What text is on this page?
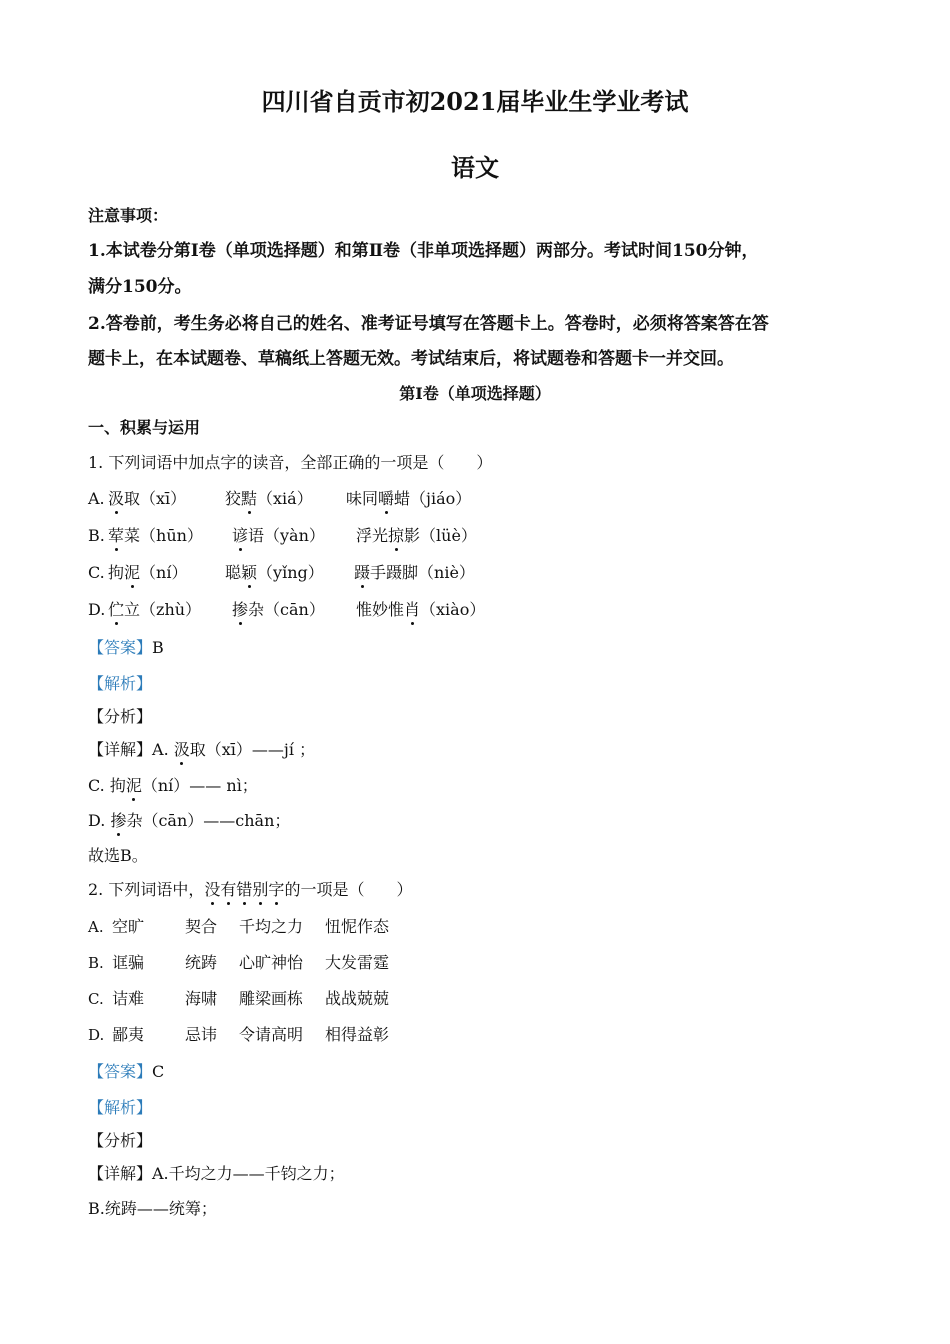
四川省自贡市初2021届毕业生学业考试
语文
注意事项：
1.本试卷分第Ⅰ卷（单项选择题）和第Ⅱ卷（非单项选择题）两部分。考试时间150分钟，
满分150分。
2.答卷前，考生务必将自己的姓名、准考证号填写在答题卡上。答卷时，必须将答案答在答
题卡上，在本试题卷、草稿纸上答题无效。考试结束后，将试题卷和答题卡一并交回。
第Ⅰ卷（单项选择题）
一、积累与运用
1. 下列词语中加点字的读音，全部正确的一项是（　　）
A. 汲取（xī） 狡黠（xiá） 味同嚼蜡（jiáo）
B. 荤菜（hūn） 谚语（yàn） 浮光掠影（lüè）
C. 拘泥（ní） 聪颖（yǐng） 蹑手蹑脚（niè）
D. 伫立（zhù） 掺杂（cān） 惟妙惟肖（xiào）
【答案】B
【解析】
【分析】
【详解】A. 汲取（xī）——jí ；
C. 拘泥（ní）—— nì；
D. 掺杂（cān）——chān；
故选B。
2. 下列词语中，没有错别字的一项是（　　）
A. 空旷	契合 千均之力 忸怩作态
B. 诓骗	统踌 心旷神怡 大发雷霆
C. 诘难	海啸 雕梁画栋 战战兢兢
D. 鄙夷	忌讳 令请高明 相得益彰
【答案】C
【解析】
【分析】
【详解】A.千均之力——千钧之力；
B.统踌——统筹；
